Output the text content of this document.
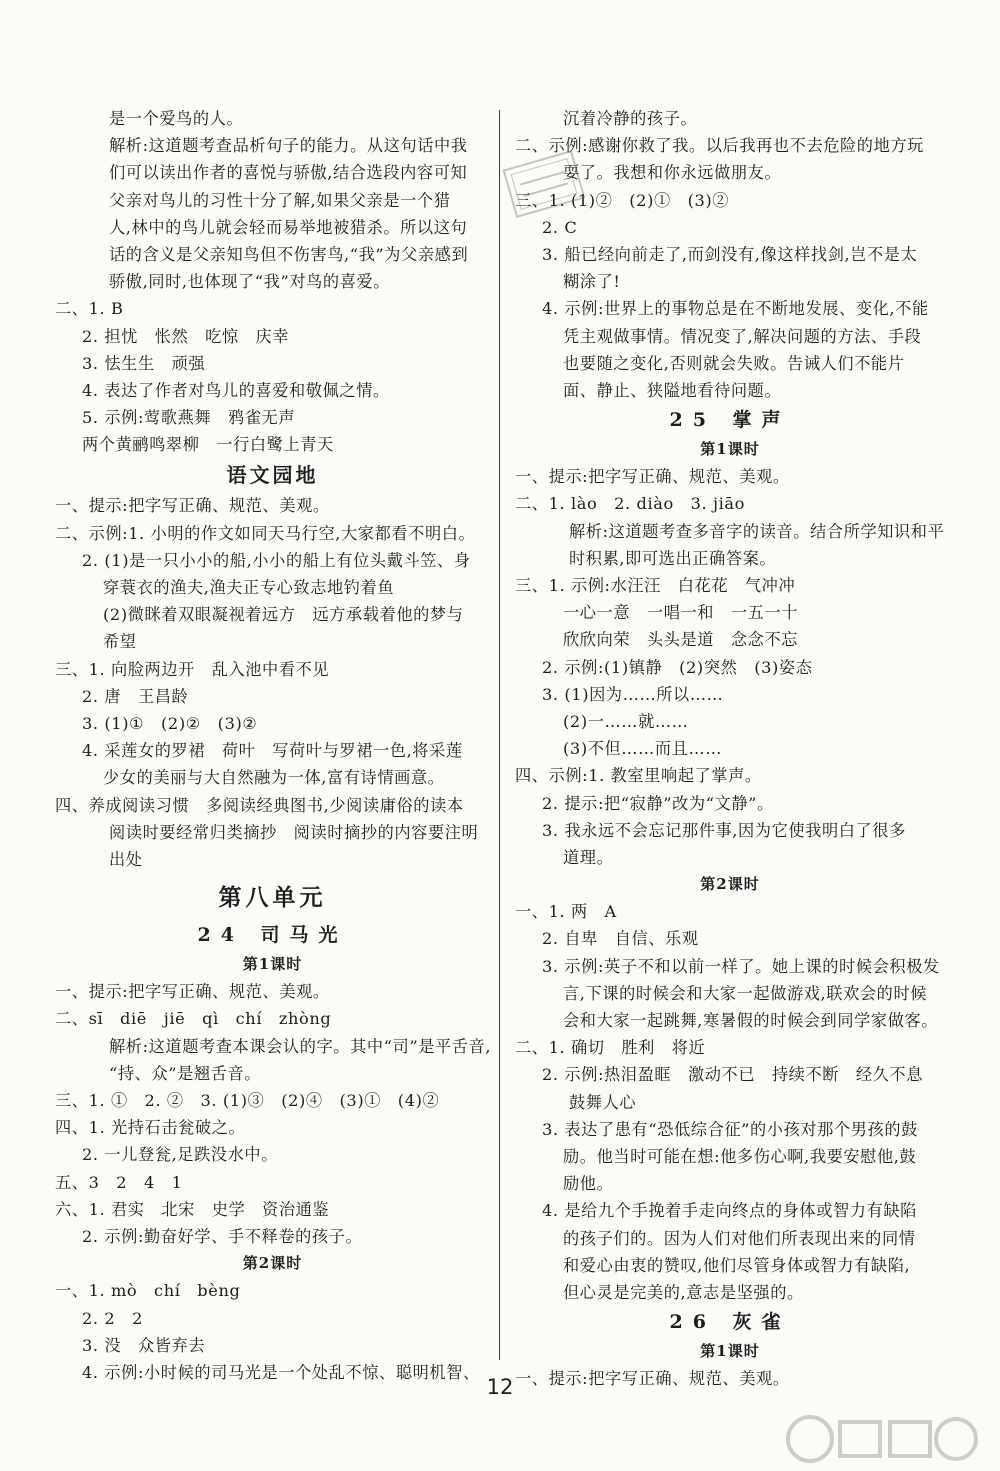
是一个爱鸟的人。
解析:这道题考查品析句子的能力。从这句话中我
们可以读出作者的喜悦与骄傲,结合选段内容可知
父亲对鸟儿的习性十分了解,如果父亲是一个猎
人,林中的鸟儿就会轻而易举地被猎杀。所以这句
话的含义是父亲知鸟但不伤害鸟,“我”为父亲感到
骄傲,同时,也体现了“我”对鸟的喜爱。
二、1. B
2. 担忧　怅然　吃惊　庆幸
3. 怯生生　顽强
4. 表达了作者对鸟儿的喜爱和敬佩之情。
5. 示例:莺歌燕舞　鸦雀无声
两个黄鹂鸣翠柳　一行白鹭上青天
语文园地
一、提示:把字写正确、规范、美观。
二、示例:1. 小明的作文如同天马行空,大家都看不明白。
2. (1)是一只小小的船,小小的船上有位头戴斗笠、身
穿蓑衣的渔夫,渔夫正专心致志地钓着鱼
(2)微眯着双眼凝视着远方　远方承载着他的梦与
希望
三、1. 向脸两边开　乱入池中看不见
2. 唐　王昌龄
3. (1)①　(2)②　(3)②
4. 采莲女的罗裙　荷叶　写荷叶与罗裙一色,将采莲
少女的美丽与大自然融为一体,富有诗情画意。
四、养成阅读习惯　多阅读经典图书,少阅读庸俗的读本
阅读时要经常归类摘抄　阅读时摘抄的内容要注明
出处
第八单元
24 司马光
第1课时
一、提示:把字写正确、规范、美观。
二、sī　diē　jiē　qì　chí　zhòng
解析:这道题考查本课会认的字。其中“司”是平舌音,
“持、众”是翘舌音。
三、1. ①　2. ②　3. (1)③　(2)④　(3)①　(4)②
四、1. 光持石击瓮破之。
2. 一儿登瓮,足跌没水中。
五、3　2　4　1
六、1. 君实　北宋　史学　资治通鉴
2. 示例:勤奋好学、手不释卷的孩子。
第2课时
一、1. mò　chí　bèng
2. 2　2
3. 没　众皆弃去
4. 示例:小时候的司马光是一个处乱不惊、聪明机智、
沉着冷静的孩子。
二、示例:感谢你救了我。以后我再也不去危险的地方玩
耍了。我想和你永远做朋友。
三、1. (1)②　(2)①　(3)②
2. C
3. 船已经向前走了,而剑没有,像这样找剑,岂不是太
糊涂了!
4. 示例:世界上的事物总是在不断地发展、变化,不能
凭主观做事情。情况变了,解决问题的方法、手段
也要随之变化,否则就会失败。告诫人们不能片
面、静止、狭隘地看待问题。
25 掌声
第1课时
一、提示:把字写正确、规范、美观。
二、1. lào　2. diào　3. jiāo
解析:这道题考查多音字的读音。结合所学知识和平
时积累,即可选出正确答案。
三、1. 示例:水汪汪　白花花　气冲冲
一心一意　一唱一和　一五一十
欣欣向荣　头头是道　念念不忘
2. 示例:(1)镇静　(2)突然　(3)姿态
3. (1)因为……所以……
(2)一……就……
(3)不但……而且……
四、示例:1. 教室里响起了掌声。
2. 提示:把“寂静”改为“文静”。
3. 我永远不会忘记那件事,因为它使我明白了很多
道理。
第2课时
一、1. 两　A
2. 自卑　自信、乐观
3. 示例:英子不和以前一样了。她上课的时候会积极发
言,下课的时候会和大家一起做游戏,联欢会的时候
会和大家一起跳舞,寒暑假的时候会到同学家做客。
二、1. 确切　胜利　将近
2. 示例:热泪盈眶　激动不已　持续不断　经久不息
鼓舞人心
3. 表达了患有“恐低综合征”的小孩对那个男孩的鼓
励。他当时可能在想:他多伤心啊,我要安慰他,鼓
励他。
4. 是给九个手挽着手走向终点的身体或智力有缺陷
的孩子们的。因为人们对他们所表现出来的同情
和爱心由衷的赞叹,他们尽管身体或智力有缺陷,
但心灵是完美的,意志是坚强的。
26 灰雀
第1课时
一、提示:把字写正确、规范、美观。
12
